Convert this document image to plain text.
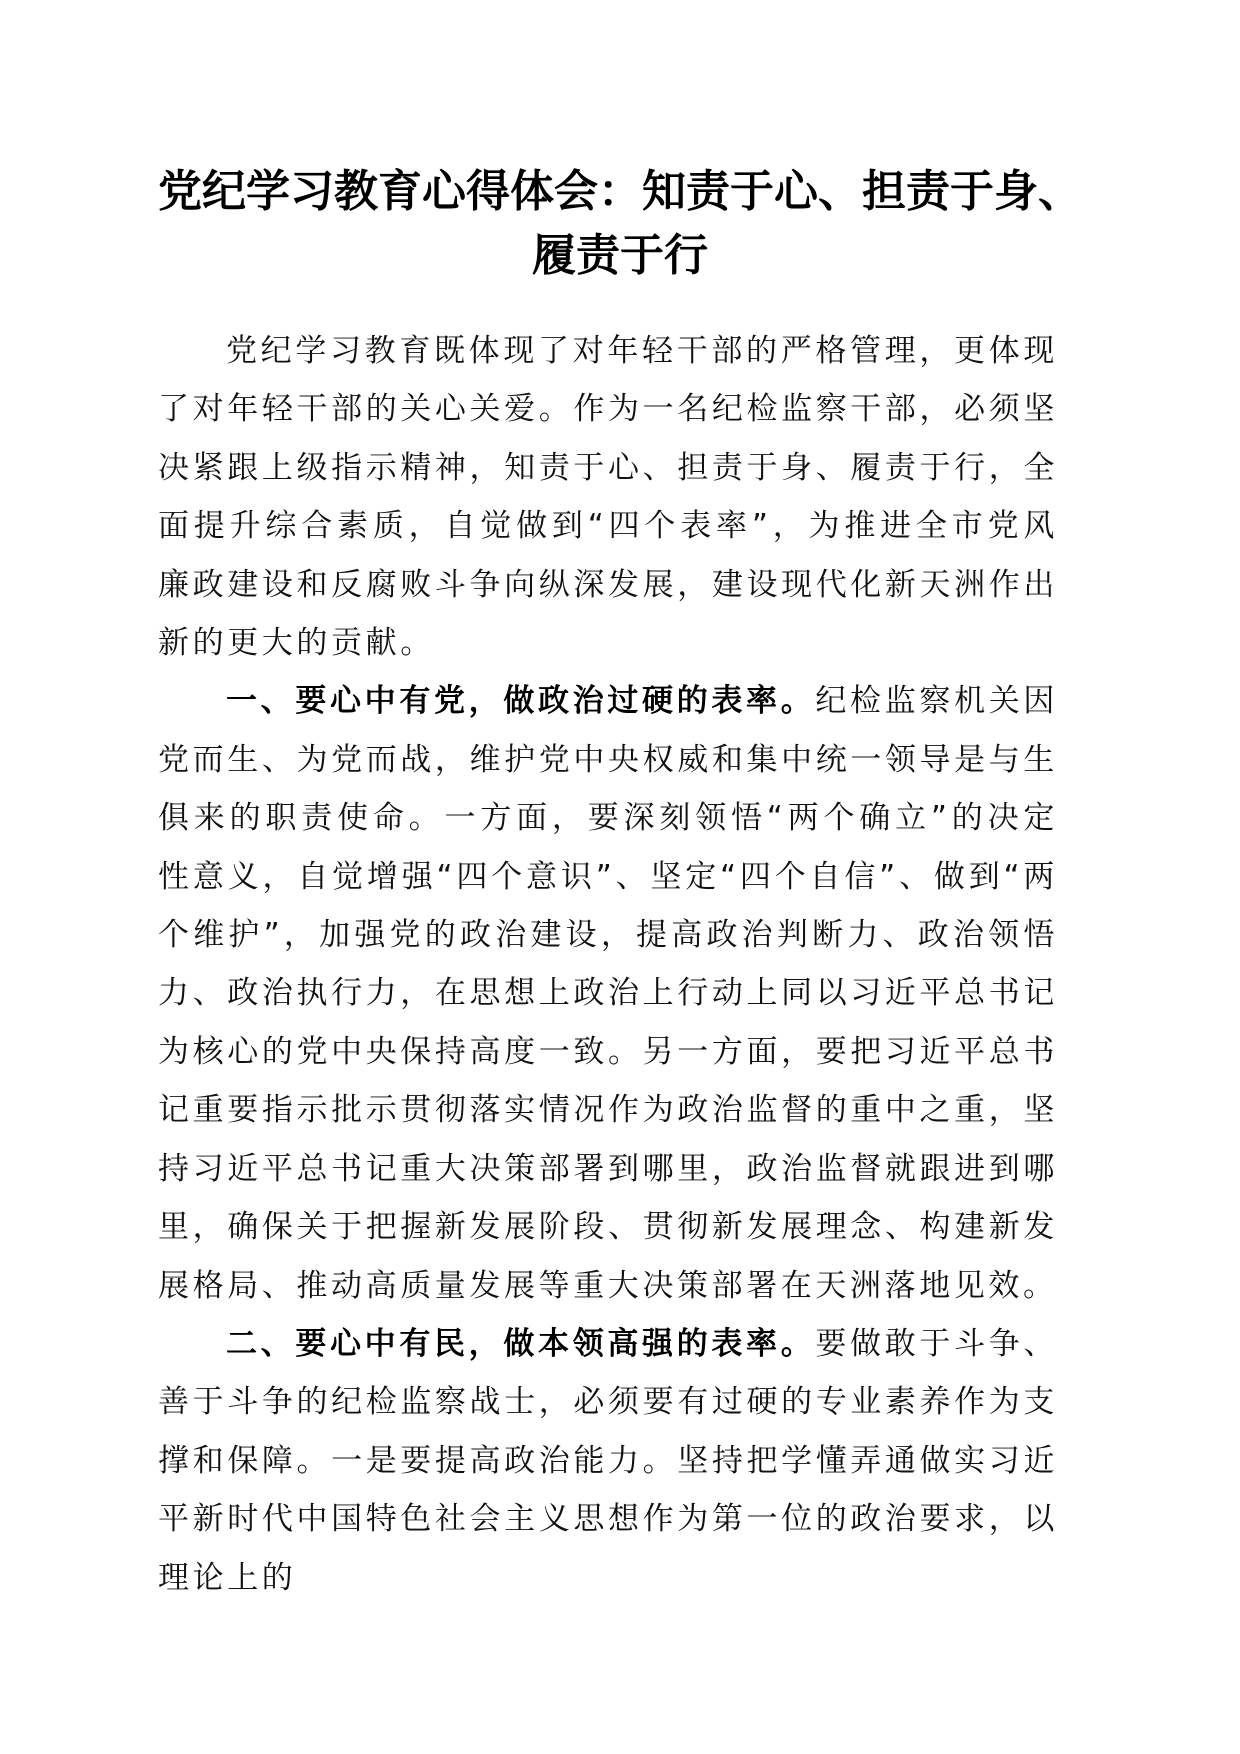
党纪学习教育心得体会：知责于心、担责于身、
履责于行

党纪学习教育既体现了对年轻干部的严格管理，更体现了对年轻干部的关心关爱。作为一名纪检监察干部，必须坚决紧跟上级指示精神，知责于心、担责于身、履责于行，全面提升综合素质，自觉做到“四个表率”，为推进全市党风廉政建设和反腐败斗争向纵深发展，建设现代化新天洲作出新的更大的贡献。

一、要心中有党，做政治过硬的表率。纪检监察机关因党而生、为党而战，维护党中央权威和集中统一领导是与生俱来的职责使命。一方面，要深刻领悟“两个确立”的决定性意义，自觉增强“四个意识”、坚定“四个自信”、做到“两个维护”，加强党的政治建设，提高政治判断力、政治领悟力、政治执行力，在思想上政治上行动上同以习近平总书记为核心的党中央保持高度一致。另一方面，要把习近平总书记重要指示批示贯彻落实情况作为政治监督的重中之重，坚持习近平总书记重大决策部署到哪里，政治监督就跟进到哪里，确保关于把握新发展阶段、贯彻新发展理念、构建新发展格局、推动高质量发展等重大决策部署在天洲落地见效。

二、要心中有民，做本领高强的表率。要做敢于斗争、善于斗争的纪检监察战士，必须要有过硬的专业素养作为支撑和保障。一是要提高政治能力。坚持把学懂弄通做实习近平新时代中国特色社会主义思想作为第一位的政治要求，以理论上的
